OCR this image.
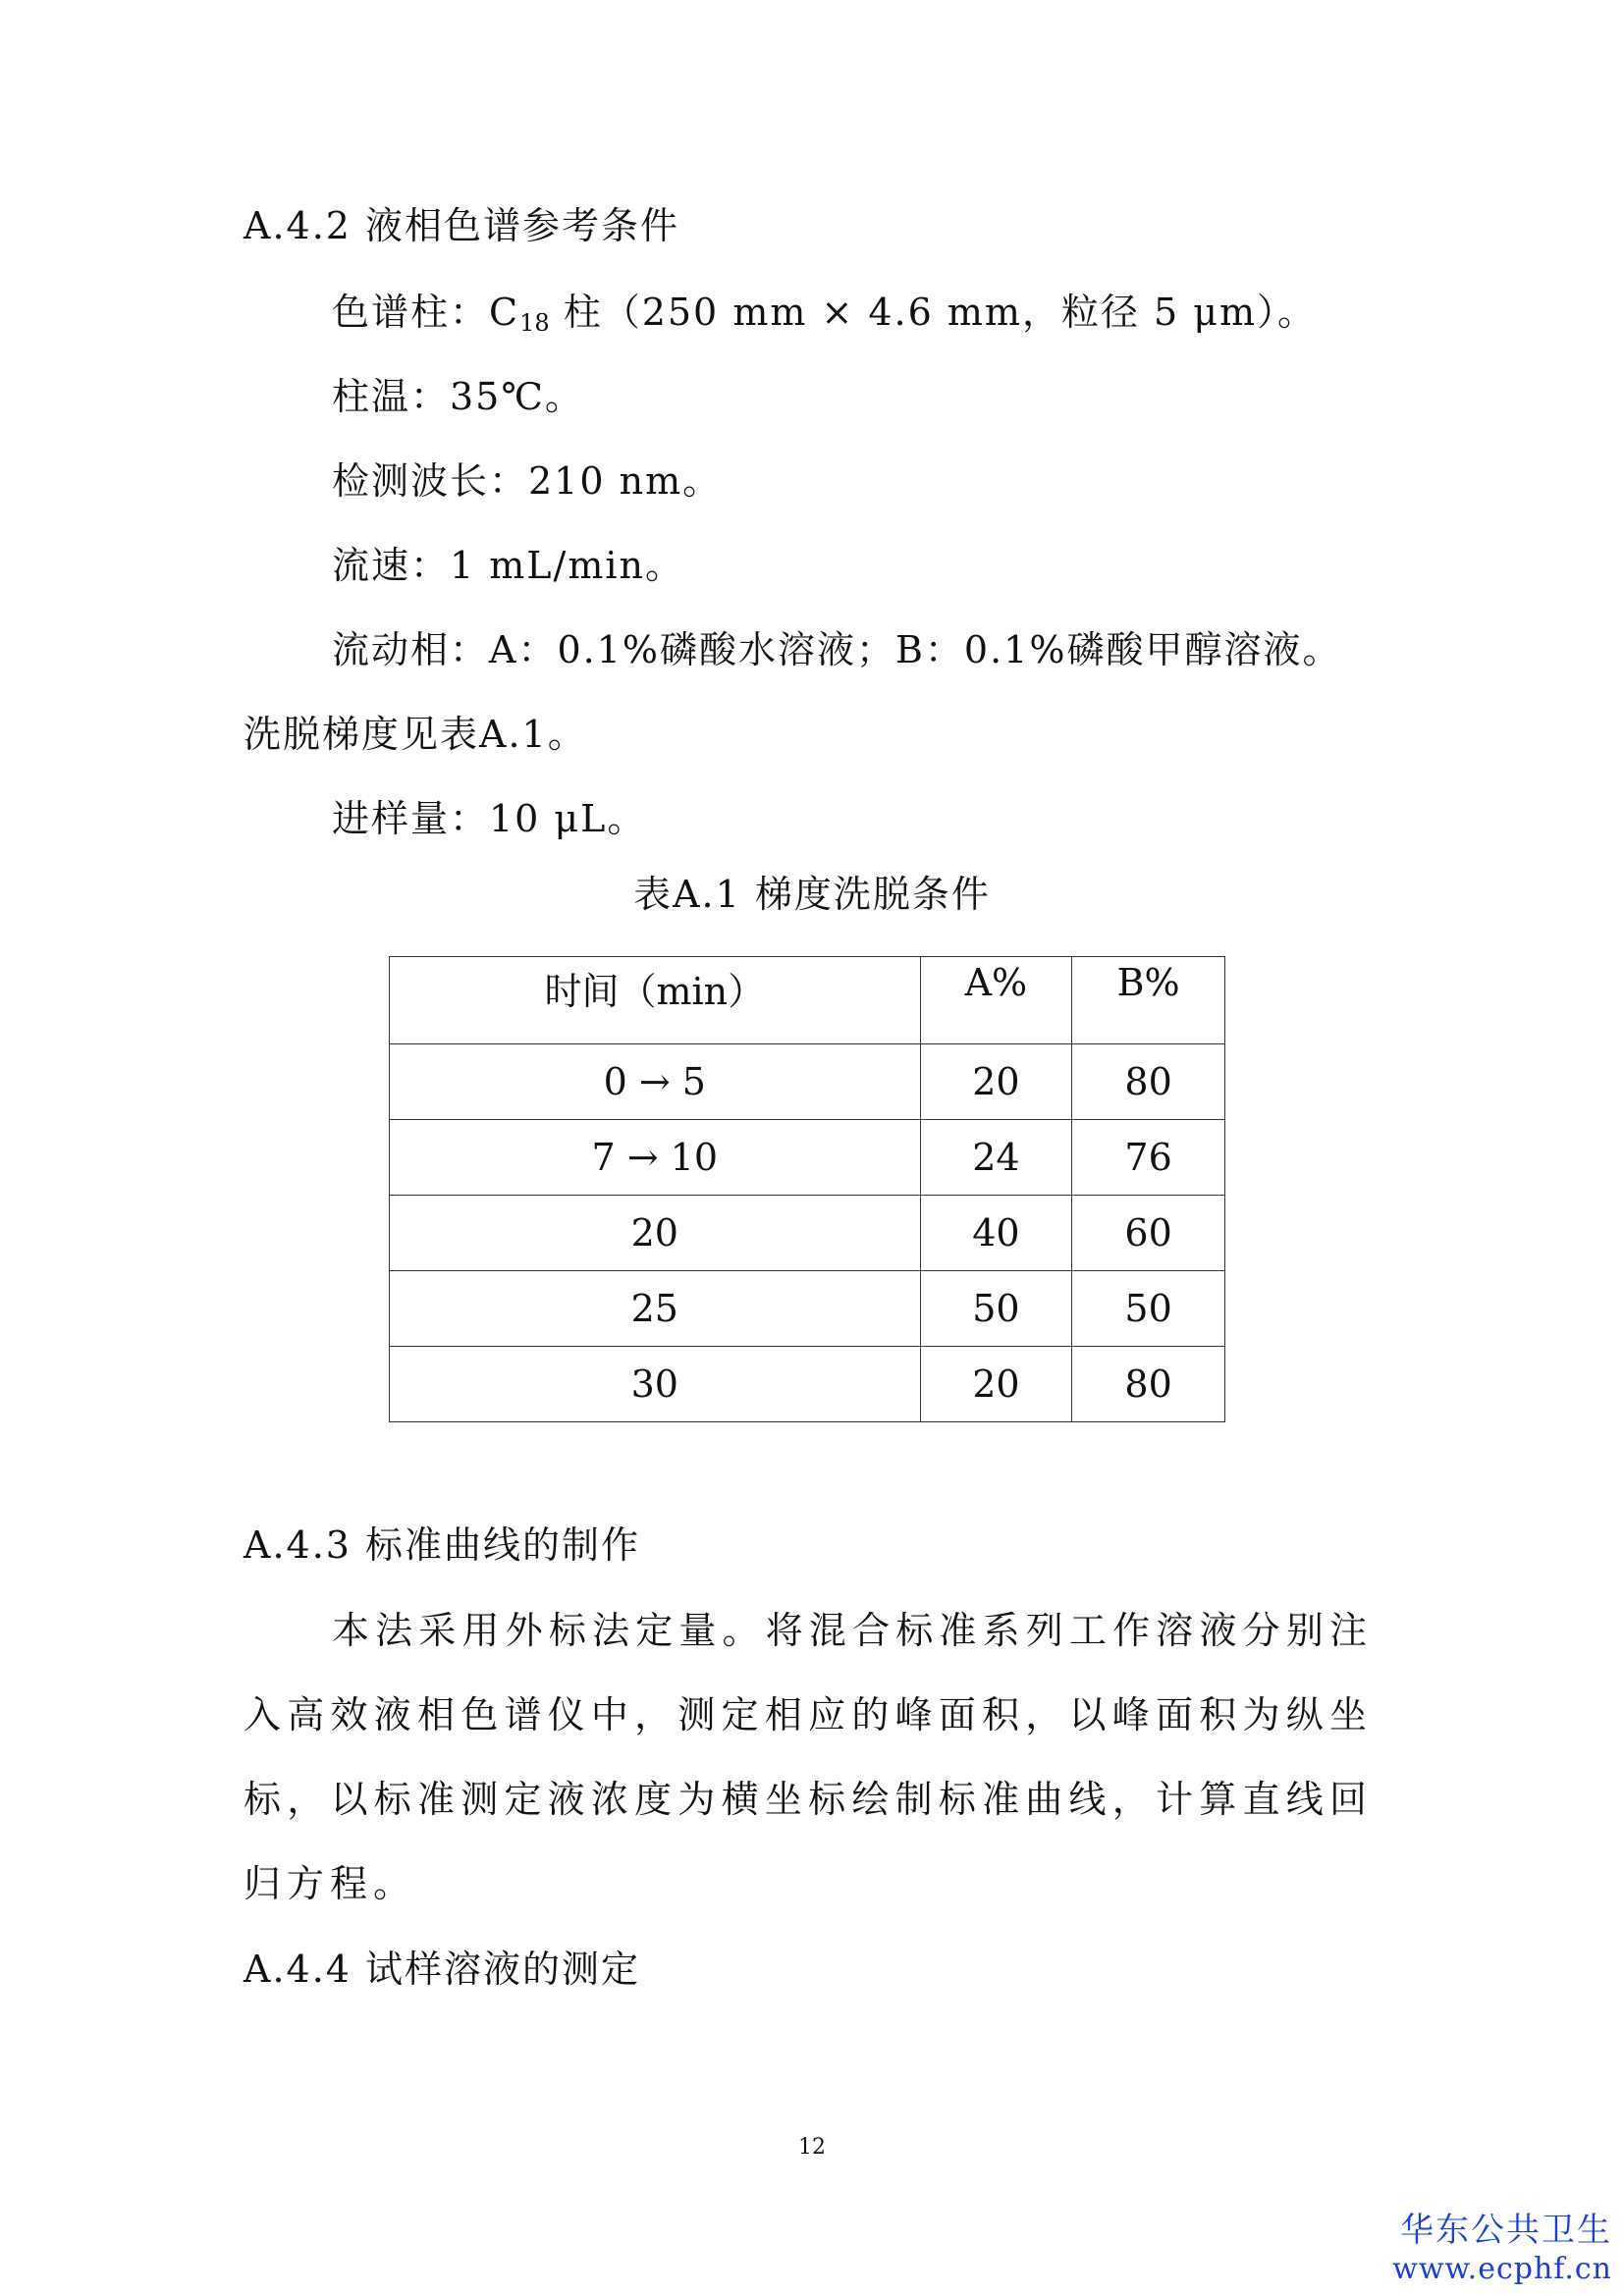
A.4.2 液相色谱参考条件
色谱柱：$C_{18}$ 柱（250 mm × 4.6 mm，粒径 5 μm）。
柱温：35℃。
检测波长：210 nm。
流速：1 mL/min。
流动相：A：0.1%磷酸水溶液；B：0.1%磷酸甲醇溶液。
洗脱梯度见表A.1。
进样量：10 μL。
表A.1 梯度洗脱条件
时间（min）	A%	B%
0 → 5	20	80
7 → 10	24	76
20	40	60
25	50	50
30	20	80
A.4.3 标准曲线的制作
本法采用外标法定量。将混合标准系列工作溶液分别注入高效液相色谱仪中，测定相应的峰面积，以峰面积为纵坐标，以标准测定液浓度为横坐标绘制标准曲线，计算直线回归方程。
A.4.4 试样溶液的测定
12
华东公共卫生
www.ecphf.cn
